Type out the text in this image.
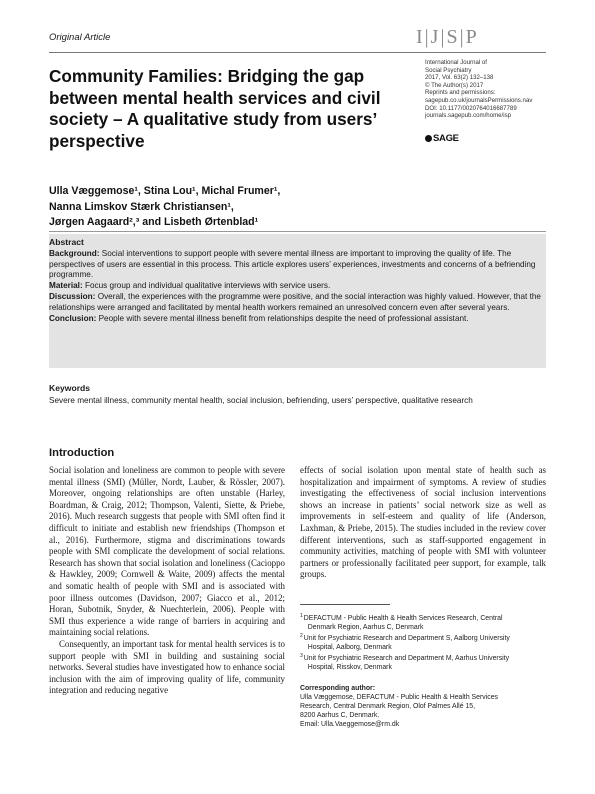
Original Article	I|J|S|P
Community Families: Bridging the gap between mental health services and civil society – A qualitative study from users’ perspective
International Journal of
Social Psychiatry
2017, Vol. 63(2) 132–138
© The Author(s) 2017
Reprints and permissions:
sagepub.co.uk/journalsPermissions.nav
DOI: 10.1177/0020764016687789
journals.sagepub.com/home/isp
SAGE
Ulla Væggemose¹, Stina Lou¹, Michal Frumer¹,
Nanna Limskov Stærk Christiansen¹,
Jørgen Aagaard²,³ and Lisbeth Ørtenblad¹
Abstract

Background: Social interventions to support people with severe mental illness are important to improving the quality of life. The perspectives of users are essential in this process. This article explores users’ experiences, investments and concerns of a befriending programme.

Material: Focus group and individual qualitative interviews with service users.

Discussion: Overall, the experiences with the programme were positive, and the social interaction was highly valued. However, that the relationships were arranged and facilitated by mental health workers remained an unresolved concern even after several years.

Conclusion: People with severe mental illness benefit from relationships despite the need of professional assistant.

Keywords
Severe mental illness, community mental health, social inclusion, befriending, users’ perspective, qualitative research
Introduction

Social isolation and loneliness are common to people with severe mental illness (SMI) (Müller, Nordt, Lauber, & Rössler, 2007). Moreover, ongoing relationships are often unstable (Harley, Boardman, & Craig, 2012; Thompson, Valenti, Siette, & Priebe, 2016). Much research suggests that people with SMI often find it difficult to initiate and establish new friendships (Thompson et al., 2016). Furthermore, stigma and discriminations towards people with SMI complicate the development of social relations. Research has shown that social isolation and loneliness (Cacioppo & Hawkley, 2009; Cornwell & Waite, 2009) affects the mental and somatic health of people with SMI and is associated with poor illness outcomes (Davidson, 2007; Giacco et al., 2012; Horan, Subotnik, Snyder, & Nuechterlein, 2006). People with SMI thus experience a wide range of barriers in acquiring and maintaining social relations.

Consequently, an important task for mental health services is to support people with SMI in building and sustaining social networks. Several studies have investigated how to enhance social inclusion with the aim of improving quality of life, community integration and reducing negative

effects of social isolation upon mental state of health such as hospitalization and impairment of symptoms. A review of studies investigating the effectiveness of social inclusion interventions shows an increase in patients’ social network size as well as improvements in self-esteem and quality of life (Anderson, Laxhman, & Priebe, 2015). The studies included in the review cover different interventions, such as staff-supported engagement in community activities, matching of people with SMI with volunteer partners or professionally facilitated peer support, for example, talk groups.

1 DEFACTUM - Public Health & Health Services Research, Central
Denmark Region, Aarhus C, Denmark
2 Unit for Psychiatric Research and Department S, Aalborg University
Hospital, Aalborg, Denmark
3 Unit for Psychiatric Research and Department M, Aarhus University
Hospital, Risskov, Denmark
Corresponding author:
Ulla Væggemose, DEFACTUM - Public Health & Health Services
Research, Central Denmark Region, Olof Palmes Allé 15,
8200 Aarhus C, Denmark.
Email: Ulla.Vaeggemose@rm.dk
